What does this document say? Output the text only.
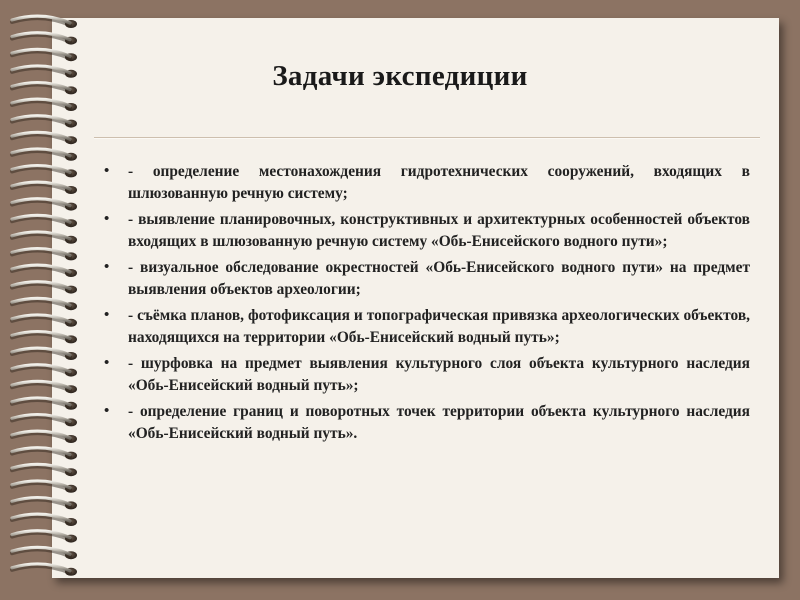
Задачи экспедиции
• - определение местонахождения гидротехнических сооружений, входящих в шлюзованную речную систему;
• - выявление планировочных, конструктивных и архитектурных особенностей объектов входящих в шлюзованную речную систему «Обь-Енисейского водного пути»;
• - визуальное обследование окрестностей «Обь-Енисейского водного пути» на предмет выявления объектов археологии;
• - съёмка планов, фотофиксация и топографическая привязка археологических объектов, находящихся на территории «Обь-Енисейский водный путь»;
• - шурфовка на предмет выявления культурного слоя объекта культурного наследия «Обь-Енисейский водный путь»;
• - определение границ и поворотных точек территории объекта культурного наследия «Обь-Енисейский водный путь».
